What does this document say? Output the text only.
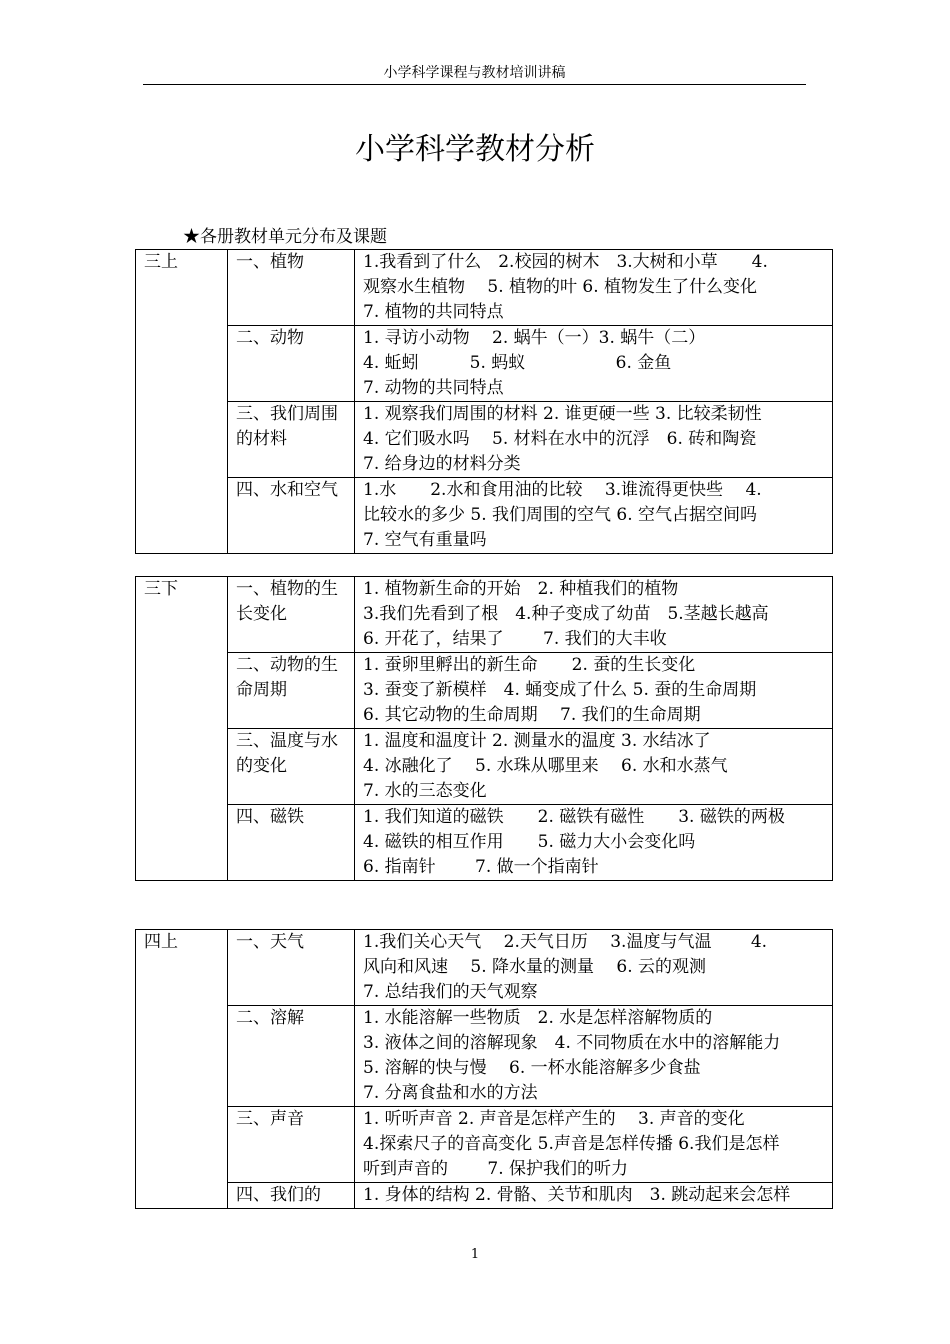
小学科学课程与教材培训讲稿
小学科学教材分析
★各册教材单元分布及课题
三上	一、植物	1.我看到了什么　2.校园的树木　3.大树和小草　　4.
观察水生植物　 5. 植物的叶 6. 植物发生了什么变化
7. 植物的共同特点

	二、动物	1. 寻访小动物　 2. 蜗牛（一）3. 蜗牛（二）
4. 蚯蚓　　　5. 蚂蚁　　　　　 6. 金鱼
7. 动物的共同特点

	三、我们周围的材料	1. 观察我们周围的材料 2. 谁更硬一些 3. 比较柔韧性
4. 它们吸水吗　 5. 材料在水中的沉浮　6. 砖和陶瓷
7. 给身边的材料分类

	四、水和空气	1.水　　2.水和食用油的比较　 3.谁流得更快些　 4.
比较水的多少 5. 我们周围的空气 6. 空气占据空间吗
7. 空气有重量吗
三下	一、植物的生长变化	1. 植物新生命的开始　2. 种植我们的植物
3.我们先看到了根　4.种子变成了幼苗　5.茎越长越高
6. 开花了，结果了　　 7. 我们的大丰收

	二、动物的生命周期	1. 蚕卵里孵出的新生命　　2. 蚕的生长变化
3. 蚕变了新模样　4. 蛹变成了什么 5. 蚕的生命周期
6. 其它动物的生命周期　 7. 我们的生命周期

	三、温度与水的变化	1. 温度和温度计 2. 测量水的温度 3. 水结冰了
4. 冰融化了　 5. 水珠从哪里来　 6. 水和水蒸气
7. 水的三态变化

	四、磁铁	1. 我们知道的磁铁　　2. 磁铁有磁性　　3. 磁铁的两极
4. 磁铁的相互作用　　5. 磁力大小会变化吗
6. 指南针　　 7. 做一个指南针
四上	一、天气	1.我们关心天气　 2.天气日历　 3.温度与气温　　 4.
风向和风速　 5. 降水量的测量　 6. 云的观测
7. 总结我们的天气观察

	二、溶解	1. 水能溶解一些物质　2. 水是怎样溶解物质的
3. 液体之间的溶解现象　4. 不同物质在水中的溶解能力
5. 溶解的快与慢　 6. 一杯水能溶解多少食盐
7. 分离食盐和水的方法

	三、声音	1. 听听声音 2. 声音是怎样产生的　 3. 声音的变化
4.探索尺子的音高变化 5.声音是怎样传播 6.我们是怎样
听到声音的　　 7. 保护我们的听力

	四、我们的	1. 身体的结构 2. 骨骼、关节和肌肉　3. 跳动起来会怎样
1
